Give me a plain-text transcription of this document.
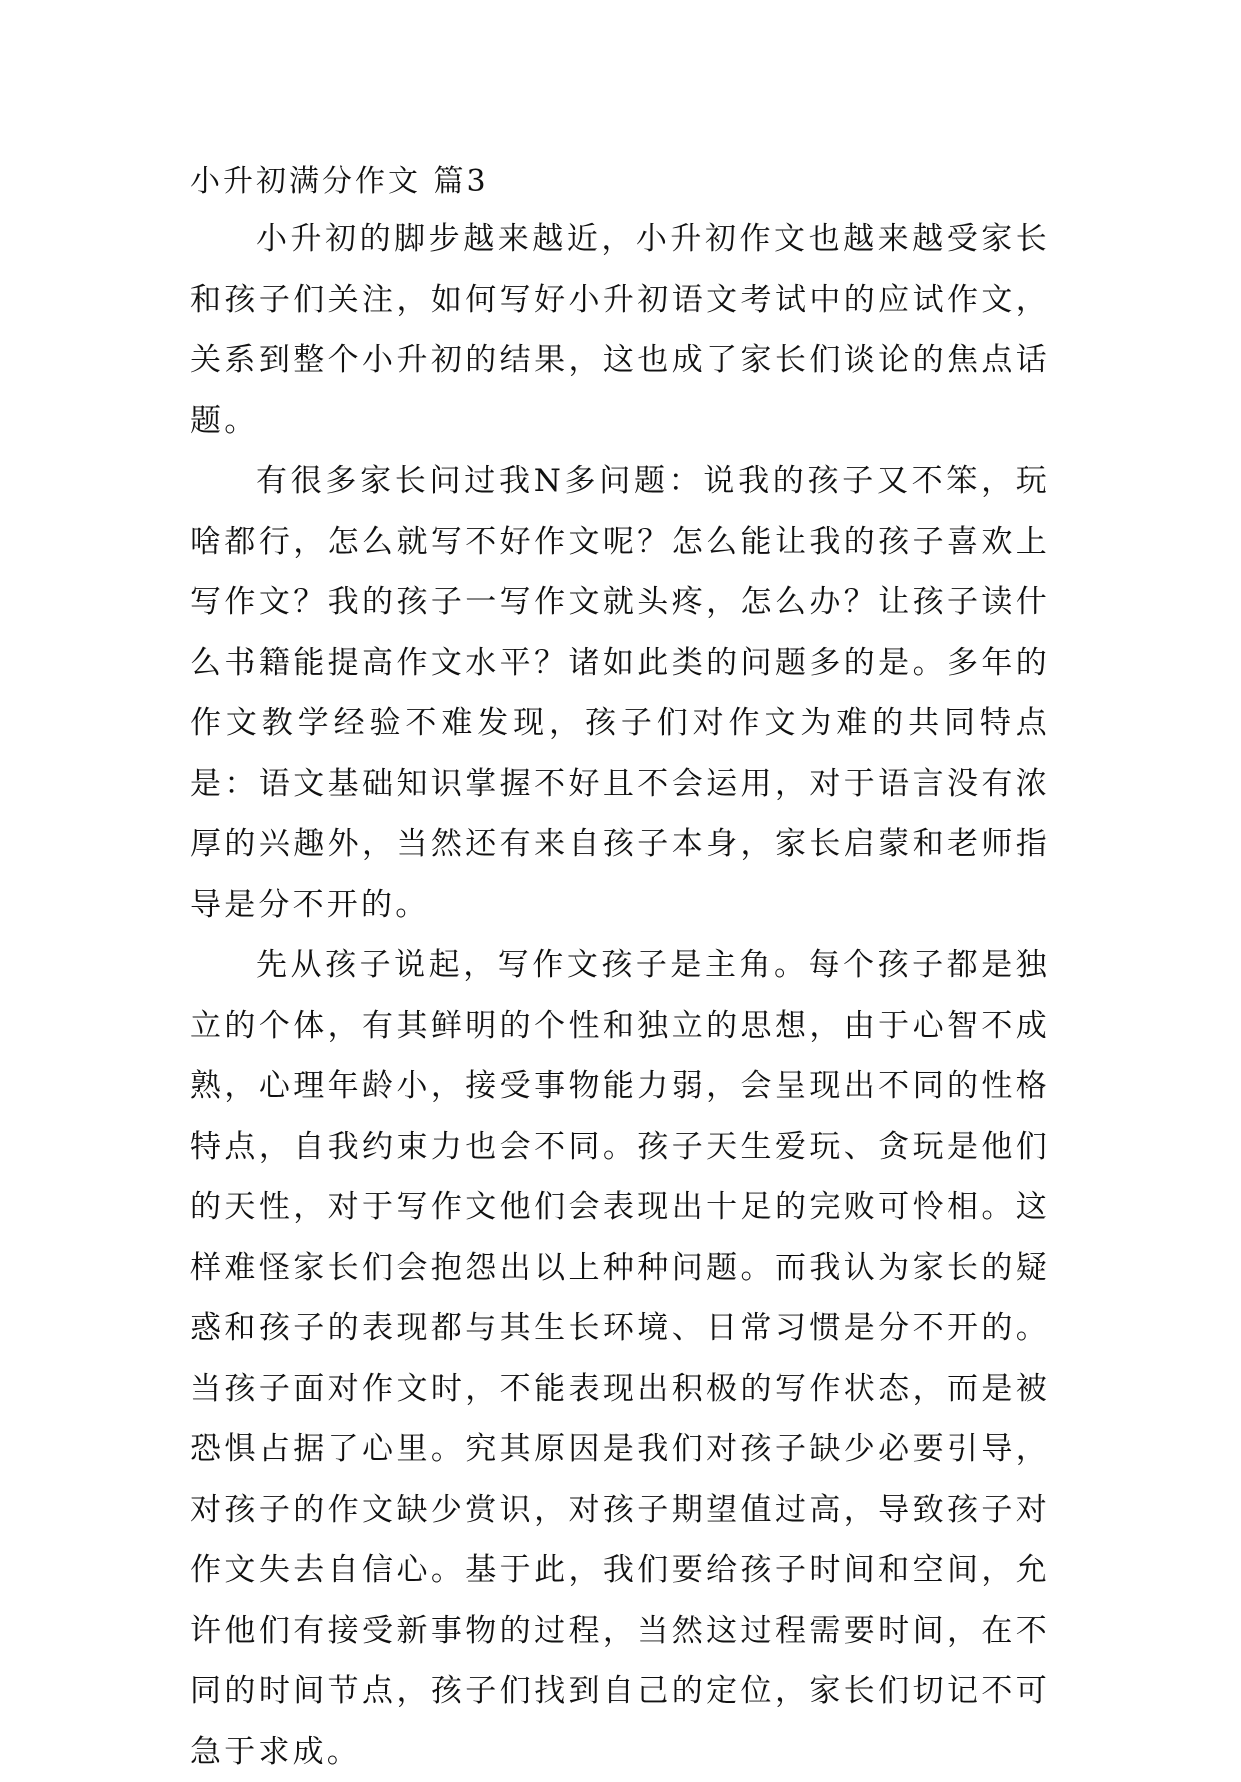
小升初满分作文 篇3

小升初的脚步越来越近，小升初作文也越来越受家长和孩子们关注，如何写好小升初语文考试中的应试作文，关系到整个小升初的结果，这也成了家长们谈论的焦点话题。

有很多家长问过我N多问题：说我的孩子又不笨，玩啥都行，怎么就写不好作文呢？怎么能让我的孩子喜欢上写作文？我的孩子一写作文就头疼，怎么办？让孩子读什么书籍能提高作文水平？诸如此类的问题多的是。多年的作文教学经验不难发现，孩子们对作文为难的共同特点是：语文基础知识掌握不好且不会运用，对于语言没有浓厚的兴趣外，当然还有来自孩子本身，家长启蒙和老师指导是分不开的。

先从孩子说起，写作文孩子是主角。每个孩子都是独立的个体，有其鲜明的个性和独立的思想，由于心智不成熟，心理年龄小，接受事物能力弱，会呈现出不同的性格特点，自我约束力也会不同。孩子天生爱玩、贪玩是他们的天性，对于写作文他们会表现出十足的完败可怜相。这样难怪家长们会抱怨出以上种种问题。而我认为家长的疑惑和孩子的表现都与其生长环境、日常习惯是分不开的。当孩子面对作文时，不能表现出积极的写作状态，而是被恐惧占据了心里。究其原因是我们对孩子缺少必要引导，对孩子的作文缺少赏识，对孩子期望值过高，导致孩子对作文失去自信心。基于此，我们要给孩子时间和空间，允许他们有接受新事物的过程，当然这过程需要时间，在不同的时间节点，孩子们找到自己的定位，家长们切记不可急于求成。
